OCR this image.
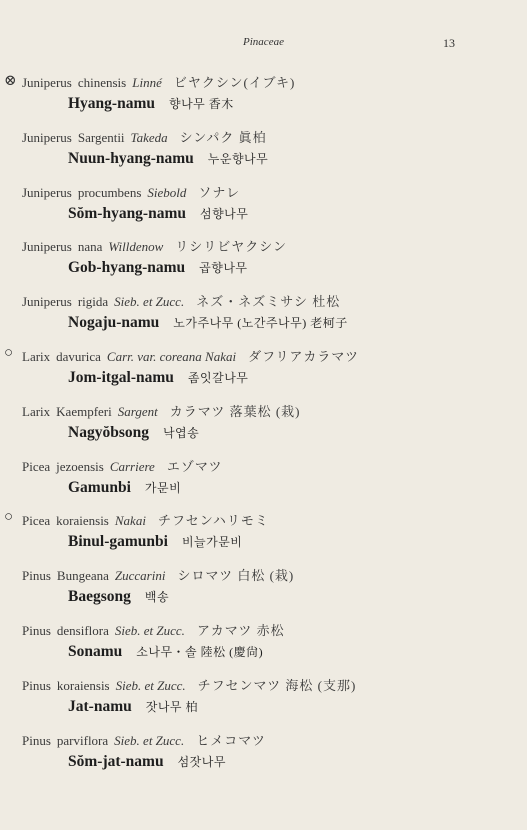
Pinaceae	13
⊗ Juniperus chinensis Linné ビヤクシン(イブキ)
Hyang-namu 향나무 香木
Juniperus Sargentii Takeda シンパク 眞柏
Nuun-hyang-namu 누운향나무
Juniperus procumbens Siebold ソナレ
Sŏm-hyang-namu 섬향나무
Juniperus nana Willdenow リシリビヤクシン
Gob-hyang-namu 곱향나무
Juniperus rigida Sieb. et Zucc. ネズ・ネズミサシ 杜松
Nogaju-namu 노가주나무 (노간주나무) 老柯子
○ Larix davurica Carr. var. coreana Nakai ダフリアカラマツ
Jom-itgal-namu 좀잇갈나무
Larix Kaempferi Sargent カラマツ 落葉松 (栽)
Nagyŏbsong 낙엽송
Picea jezoensis Carriere エゾマツ
Gamunbi 가문비
○ Picea koraiensis Nakai チフセンハリモミ
Binul-gamunbi 비늘가문비
Pinus Bungeana Zuccarini シロマツ 白松 (栽)
Baegsong 백송
Pinus densiflora Sieb. et Zucc. アカマツ 赤松
Sonamu 소나무・솔 陸松 (慶尙)
Pinus koraiensis Sieb. et Zucc. チフセンマツ 海松 (支那)
Jat-namu 잣나무 柏
Pinus parviflora Sieb. et Zucc. ヒメコマツ
Sŏm-jat-namu 섬잣나무
